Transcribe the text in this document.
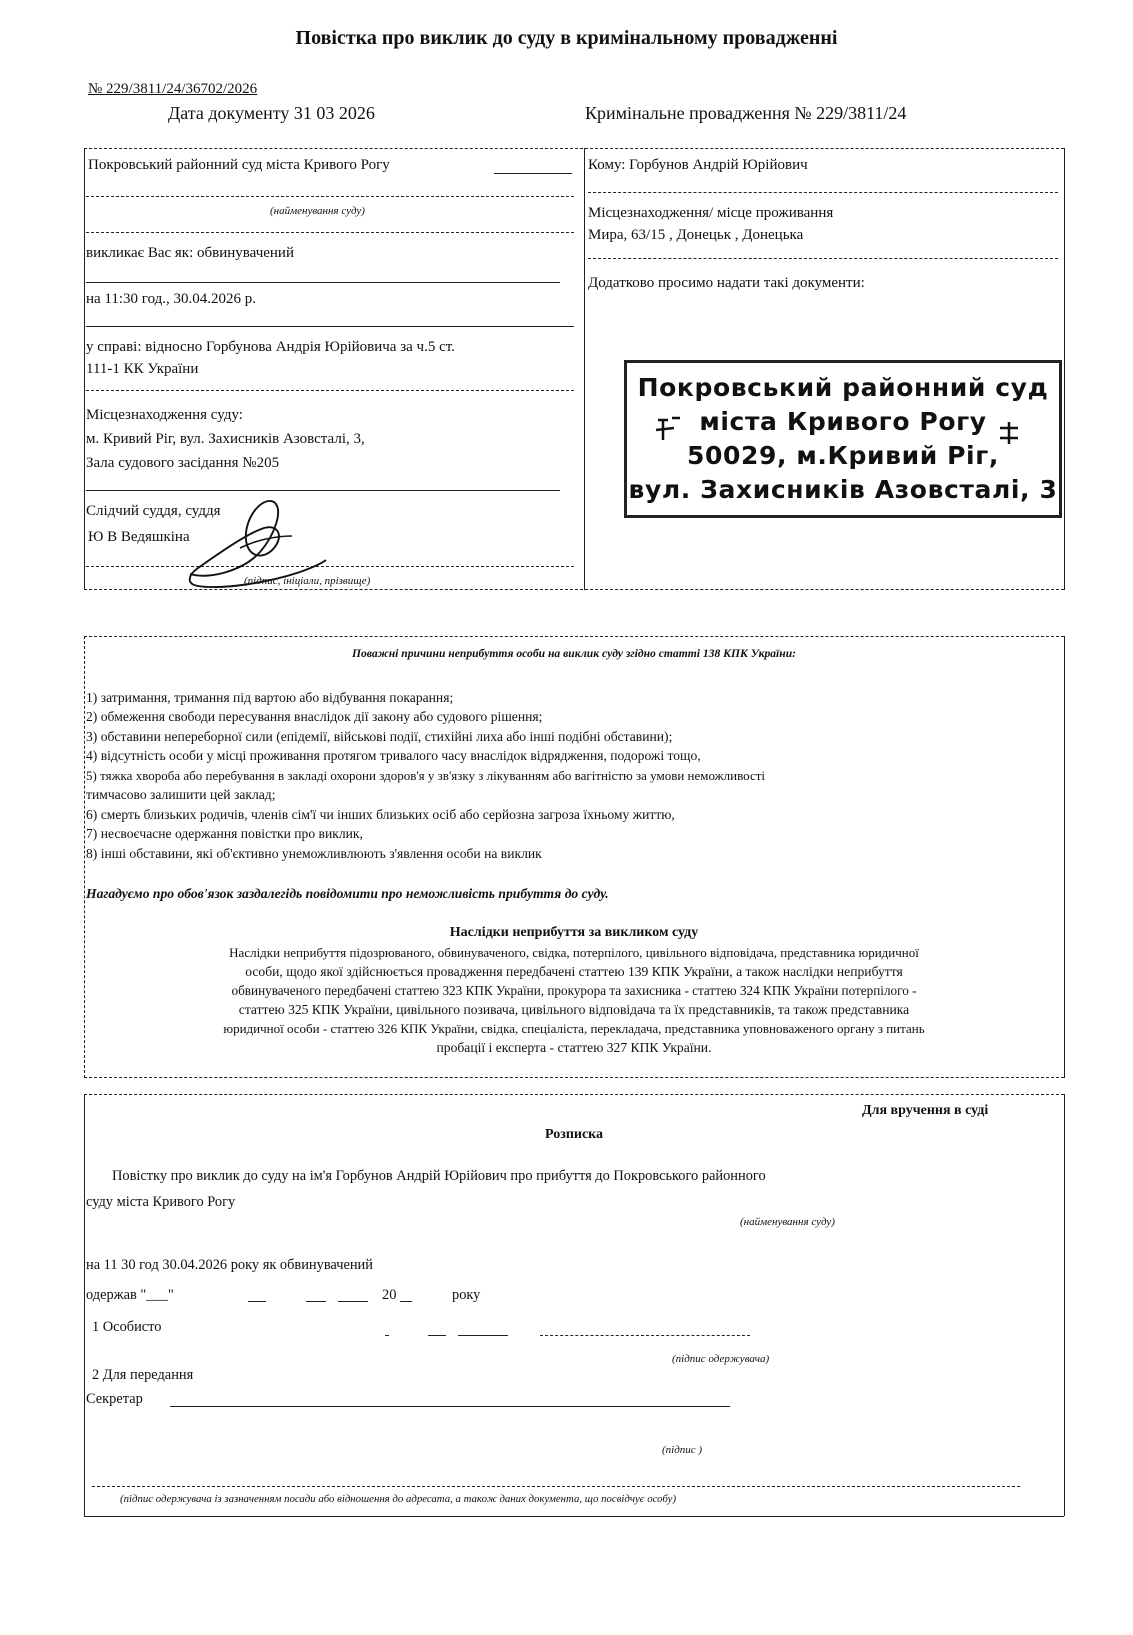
Повістка про виклик до суду в кримінальному провадженні
№ 229/3811/24/36702/2026
Дата документу 31 03 2026	Кримінальне провадження № 229/3811/24
Покровський районний суд міста Кривого Рогу
(найменування суду)
викликає Вас як: обвинувачений
на 11:30 год., 30.04.2026 р.
у справі: відносно Горбунова Андрія Юрійовича за ч.5 ст.
111-1 КК України
Місцезнаходження суду:
м. Кривий Ріг, вул. Захисників Азовсталі, 3,
Зала судового засідання №205
Слідчий суддя, суддя
Ю В Ведяшкіна
(підпис, ініціали, прізвище)
Кому: Горбунов Андрій Юрійович
Місцезнаходження/ місце проживання
Мира, 63/15 , Донецьк , Донецька
Додатково просимо надати такі документи:
Покровський районний суд
міста Кривого Рогу
50029, м.Кривий Ріг,
вул. Захисників Азовсталі, 3
Поважні причини неприбуття особи на виклик суду згідно статті 138 КПК України:
1) затримання, тримання під вартою або відбування покарання;
2) обмеження свободи пересування внаслідок дії закону або судового рішення;
3) обставини непереборної сили (епідемії, військові події, стихійні лиха або інші подібні обставини);
4) відсутність особи у місці проживання протягом тривалого часу внаслідок відрядження, подорожі тощо,
5) тяжка хвороба або перебування в закладі охорони здоров'я у зв'язку з лікуванням або вагітністю за умови неможливості
тимчасово залишити цей заклад;
6) смерть близьких родичів, членів сім'ї чи інших близьких осіб або серйозна загроза їхньому життю,
7) несвоєчасне одержання повістки про виклик,
8) інші обставини, які об'єктивно унеможливлюють з'явлення особи на виклик
Нагадуємо про обов'язок заздалегідь повідомити про неможливість прибуття до суду.
Наслідки неприбуття за викликом суду
Наслідки неприбуття підозрюваного, обвинуваченого, свідка, потерпілого, цивільного відповідача, представника юридичної
особи, щодо якої здійснюється провадження передбачені статтею 139 КПК України, а також наслідки неприбуття
обвинуваченого передбачені статтею 323 КПК України, прокурора та захисника - статтею 324 КПК України потерпілого -
статтею 325 КПК України, цивільного позивача, цивільного відповідача та їх представників, та також представника
юридичної особи - статтею 326 КПК України, свідка, спеціаліста, перекладача, представника уповноваженого органу з питань
пробації і експерта - статтею 327 КПК України.
Для вручення в суді
Розписка
Повістку про виклик до суду на ім'я Горбунов Андрій Юрійович про прибуття до Покровського районного
суду міста Кривого Рогу
(найменування суду)
на 11 30 год 30.04.2026 року як обвинувачений
одержав "___"	20	року
1 Особисто
(підпис одержувача)
2 Для передання
Секретар
(підпис )
(підпис одержувача із зазначенням посади або відношення до адресата, а також даних документа, що посвідчує особу)
